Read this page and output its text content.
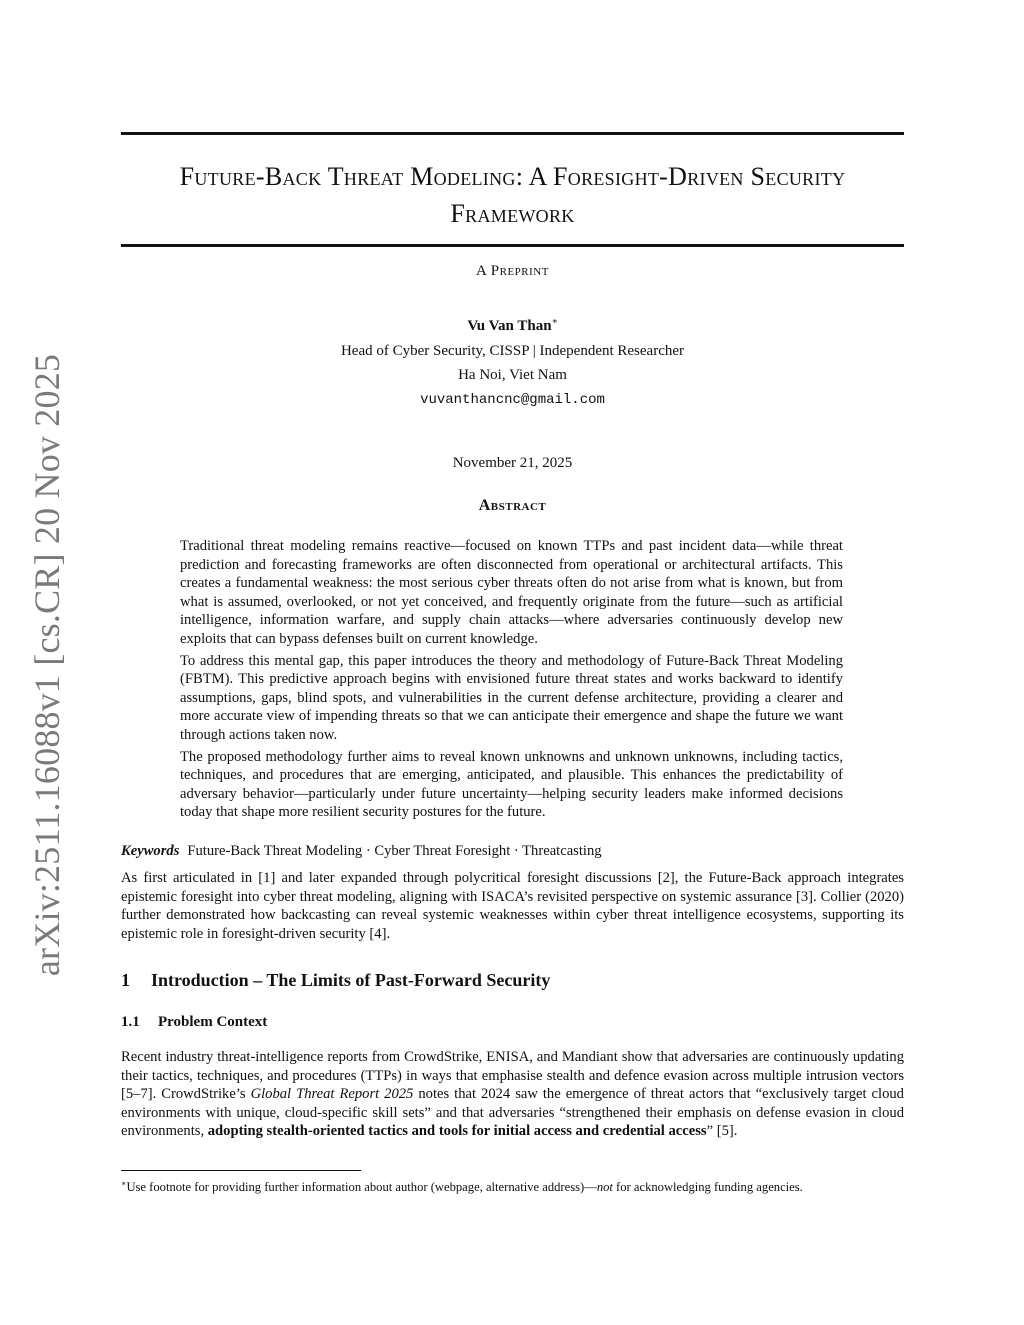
arXiv:2511.16088v1 [cs.CR] 20 Nov 2025
Future-Back Threat Modeling: A Foresight-Driven Security
Framework
A Preprint
Vu Van Than∗
Head of Cyber Security, CISSP | Independent Researcher
Ha Noi, Viet Nam
vuvanthancnc@gmail.com
November 21, 2025
Abstract

Traditional threat modeling remains reactive—focused on known TTPs and past incident data—while threat prediction and forecasting frameworks are often disconnected from operational or architectural artifacts. This creates a fundamental weakness: the most serious cyber threats often do not arise from what is known, but from what is assumed, overlooked, or not yet conceived, and frequently originate from the future—such as artificial intelligence, information warfare, and supply chain attacks—where adversaries continuously develop new exploits that can bypass defenses built on current knowledge.

To address this mental gap, this paper introduces the theory and methodology of Future-Back Threat Modeling (FBTM). This predictive approach begins with envisioned future threat states and works backward to identify assumptions, gaps, blind spots, and vulnerabilities in the current defense architecture, providing a clearer and more accurate view of impending threats so that we can anticipate their emergence and shape the future we want through actions taken now.

The proposed methodology further aims to reveal known unknowns and unknown unknowns, including tactics, techniques, and procedures that are emerging, anticipated, and plausible. This enhances the predictability of adversary behavior—particularly under future uncertainty—helping security leaders make informed decisions today that shape more resilient security postures for the future.

Keywords Future-Back Threat Modeling · Cyber Threat Foresight · Threatcasting

As first articulated in [1] and later expanded through polycritical foresight discussions [2], the Future-Back approach integrates epistemic foresight into cyber threat modeling, aligning with ISACA’s revisited perspective on systemic assurance [3]. Collier (2020) further demonstrated how backcasting can reveal systemic weaknesses within cyber threat intelligence ecosystems, supporting its epistemic role in foresight-driven security [4].

1 Introduction – The Limits of Past-Forward Security
1.1 Problem Context

Recent industry threat-intelligence reports from CrowdStrike, ENISA, and Mandiant show that adversaries are continuously updating their tactics, techniques, and procedures (TTPs) in ways that emphasise stealth and defence evasion across multiple intrusion vectors [5–7]. CrowdStrike’s Global Threat Report 2025 notes that 2024 saw the emergence of threat actors that “exclusively target cloud environments with unique, cloud-specific skill sets” and that adversaries “strengthened their emphasis on defense evasion in cloud environments, adopting stealth-oriented tactics and tools for initial access and credential access” [5].

∗Use footnote for providing further information about author (webpage, alternative address)—not for acknowledging funding agencies.
